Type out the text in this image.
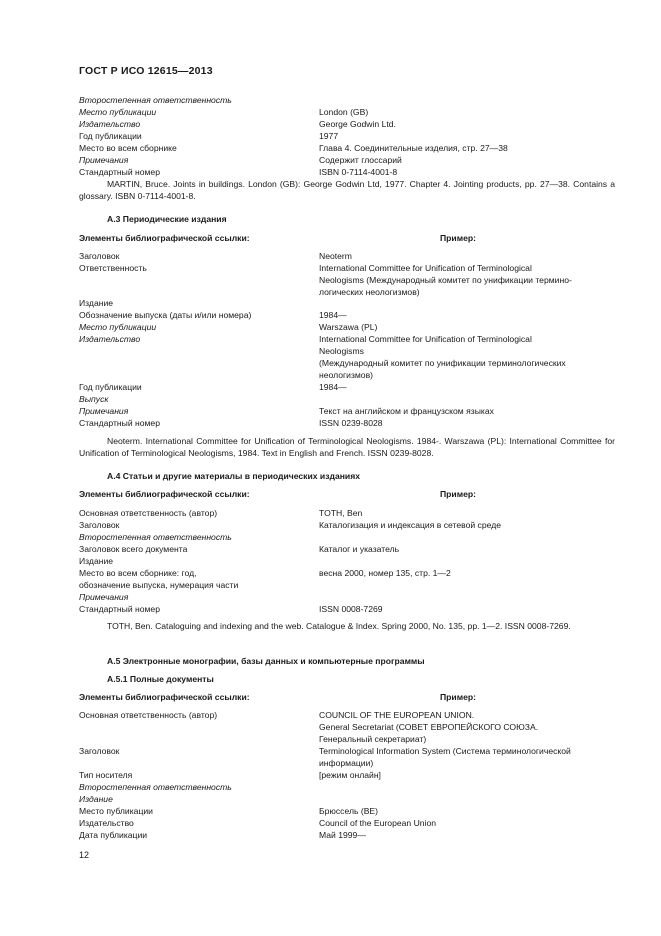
ГОСТ Р ИСО 12615—2013
Второстепенная ответственность
Место публикации	London (GB)
Издательство	George Godwin Ltd.
Год публикации	1977
Место во всем сборнике	Глава 4. Соединительные изделия, стр. 27—38
Примечания	Содержит глоссарий
Стандартный номер	ISBN 0-7114-4001-8
MARTIN, Bruce. Joints in buildings. London (GB): George Godwin Ltd, 1977. Chapter 4. Jointing products, pp. 27—38. Contains a glossary. ISBN 0-7114-4001-8.
А.3 Периодические издания
Элементы библиографической ссылки:	Пример:
Заголовок	Neoterm
Ответственность	International Committee for Unification of Terminological
Neologisms (Международный комитет по унификации термино-
логических неологизмов)
Издание
Обозначение выпуска (даты и/или номера)	1984—
Место публикации	Warszawa (PL)
Издательство	International Committee for Unification of Terminological
Neologisms
(Международный комитет по унификации терминологических
неологизмов)
Год публикации	1984—
Выпуск
Примечания	Текст на английском и французском языках
Стандартный номер	ISSN 0239-8028
Neoterm. International Committee for Unification of Terminological Neologisms. 1984-. Warszawa (PL): International Committee for Unification of Terminological Neologisms, 1984. Text in English and French. ISSN 0239-8028.
А.4 Статьи и другие материалы в периодических изданиях
Элементы библиографической ссылки:	Пример:
Основная ответственность (автор)	TOTH, Ben
Заголовок	Каталогизация и индексация в сетевой среде
Второстепенная ответственность
Заголовок всего документа	Каталог и указатель
Издание
Место во всем сборнике: год,	весна 2000, номер 135, стр. 1—2
обозначение выпуска, нумерация части
Примечания
Стандартный номер	ISSN 0008-7269
TOTH, Ben. Cataloguing and indexing and the web. Catalogue & Index. Spring 2000, No. 135, pp. 1—2. ISSN 0008-7269.
А.5 Электронные монографии, базы данных и компьютерные программы
А.5.1 Полные документы
Элементы библиографической ссылки:	Пример:
Основная ответственность (автор)	COUNCIL OF THE EUROPEAN UNION.
General Secretariat (СОВЕТ ЕВРОПЕЙСКОГО СОЮЗА.
Генеральный секретариат)
Заголовок	Terminological Information System (Система терминологической
информации)
Тип носителя	[режим онлайн]
Второстепенная ответственность
Издание
Место публикации	Брюссель (BE)
Издательство	Council of the European Union
Дата публикации	Май 1999—
12
